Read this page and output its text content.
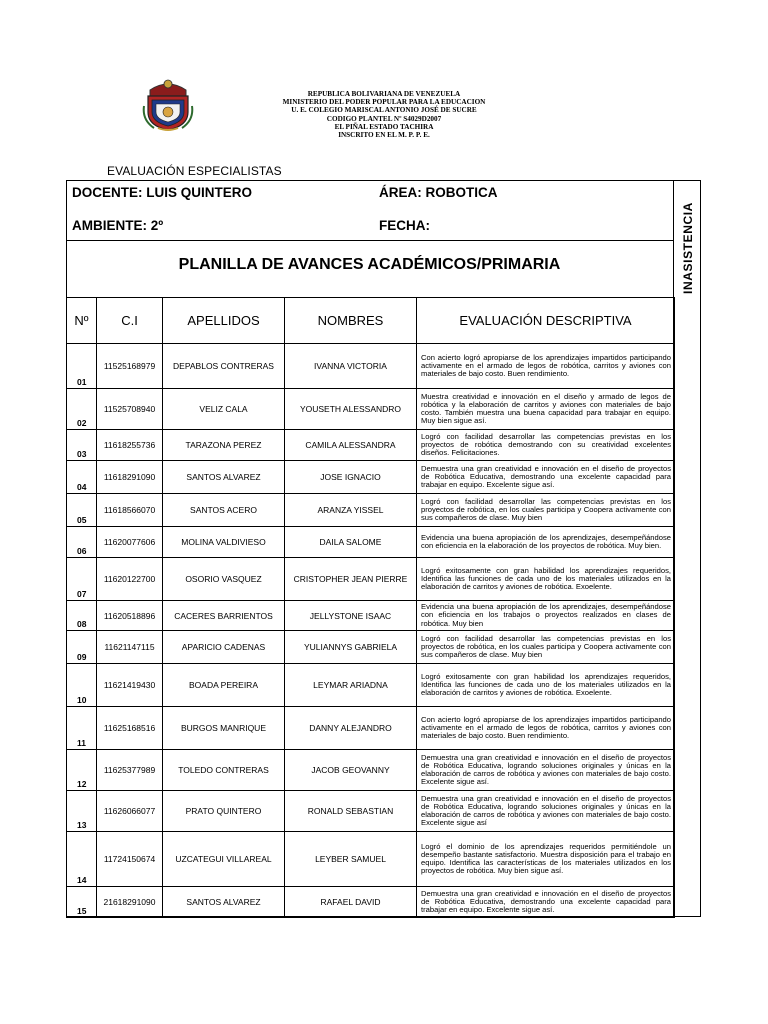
REPUBLICA BOLIVARIANA DE VENEZUELA
MINISTERIO DEL PODER POPULAR PARA LA EDUCACION
U. E. COLEGIO MARISCAL ANTONIO JOSÉ DE SUCRE
CODIGO PLANTEL Nº S4029D2007
EL PIÑAL ESTADO TACHIRA
INSCRITO EN EL M. P. P. E.
EVALUACIÓN ESPECIALISTAS
DOCENTE: LUIS QUINTERO	ÁREA: ROBOTICA
AMBIENTE: 2º	FECHA:
PLANILLA DE AVANCES ACADÉMICOS/PRIMARIA	INASISTENCIA
Nº	C.I	APELLIDOS	NOMBRES	EVALUACIÓN DESCRIPTIVA
01	11525168979	DEPABLOS CONTRERAS	IVANNA VICTORIA	Con acierto logró apropiarse de los aprendizajes impartidos participando activamente en el armado de legos de robótica, carritos y aviones con materiales de bajo costo. Buen rendimiento.
02	11525708940	VELIZ CALA	YOUSETH ALESSANDRO	Muestra creatividad e innovación en el diseño y armado de legos de robótica y la elaboración de carritos y aviones con materiales de bajo costo. También muestra una buena capacidad para trabajar en equipo. Muy bien sigue así.
03	11618255736	TARAZONA PEREZ	CAMILA ALESSANDRA	Logró con facilidad desarrollar las competencias previstas en los proyectos de robótica demostrando con su creatividad excelentes diseños. Felicitaciones.
04	11618291090	SANTOS ALVAREZ	JOSE IGNACIO	Demuestra una gran creatividad e innovación en el diseño de proyectos de Robótica Educativa, demostrando una excelente capacidad para trabajar en equipo. Excelente sigue así.
05	11618566070	SANTOS ACERO	ARANZA YISSEL	Logró con facilidad desarrollar las competencias previstas en los proyectos de robótica, en los cuales participa y Coopera activamente con sus compañeros de clase. Muy bien
06	11620077606	MOLINA VALDIVIESO	DAILA SALOME	Evidencia una buena apropiación de los aprendizajes, desempeñándose con eficiencia en la elaboración de los proyectos de robótica. Muy bien.
07	11620122700	OSORIO VASQUEZ	CRISTOPHER JEAN PIERRE	Logró exitosamente con gran habilidad los aprendizajes requeridos, Identifica las funciones de cada uno de los materiales utilizados en la elaboración de carritos y aviones de robótica. Exoelente.
08	11620518896	CACERES BARRIENTOS	JELLYSTONE ISAAC	Evidencia una buena apropiación de los aprendizajes, desempeñándose con eficiencia en los trabajos o proyectos realizados en clases de robótica. Muy bien
09	11621147115	APARICIO CADENAS	YULIANNYS GABRIELA	Logró con facilidad desarrollar las competencias previstas en los proyectos de robótica, en los cuales participa y Coopera activamente con sus compañeros de clase. Muy bien
10	11621419430	BOADA PEREIRA	LEYMAR ARIADNA	Logró exitosamente con gran habilidad los aprendizajes requeridos, Identifica las funciones de cada uno de los materiales utilizados en la elaboración de carritos y aviones de robótica. Exoelente.
11	11625168516	BURGOS MANRIQUE	DANNY ALEJANDRO	Con acierto logró apropiarse de los aprendizajes impartidos participando activamente en el armado de legos de robótica, carritos y aviones con materiales de bajo costo. Buen rendimiento.
12	11625377989	TOLEDO CONTRERAS	JACOB GEOVANNY	Demuestra una gran creatividad e innovación en el diseño de proyectos de Robótica Educativa, logrando soluciones originales y únicas en la elaboración de carros de robótica y aviones con materiales de bajo costo. Excelente sigue así.
13	11626066077	PRATO QUINTERO	RONALD SEBASTIAN	Demuestra una gran creatividad e innovación en el diseño de proyectos de Robótica Educativa, logrando soluciones originales y únicas en la elaboración de carros de robótica y aviones con materiales de bajo costo. Excelente sigue así
14	11724150674	UZCATEGUI VILLAREAL	LEYBER SAMUEL	Logró el dominio de los aprendizajes requeridos permitiéndole un desempeño bastante satisfactorio. Muestra disposición para el trabajo en equipo. Identifica las características de los materiales utilizados en los proyectos de robótica. Muy bien sigue así.
15	21618291090	SANTOS ALVAREZ	RAFAEL DAVID	Demuestra una gran creatividad e innovación en el diseño de proyectos de Robótica Educativa, demostrando una excelente capacidad para trabajar en equipo. Excelente sigue así.
